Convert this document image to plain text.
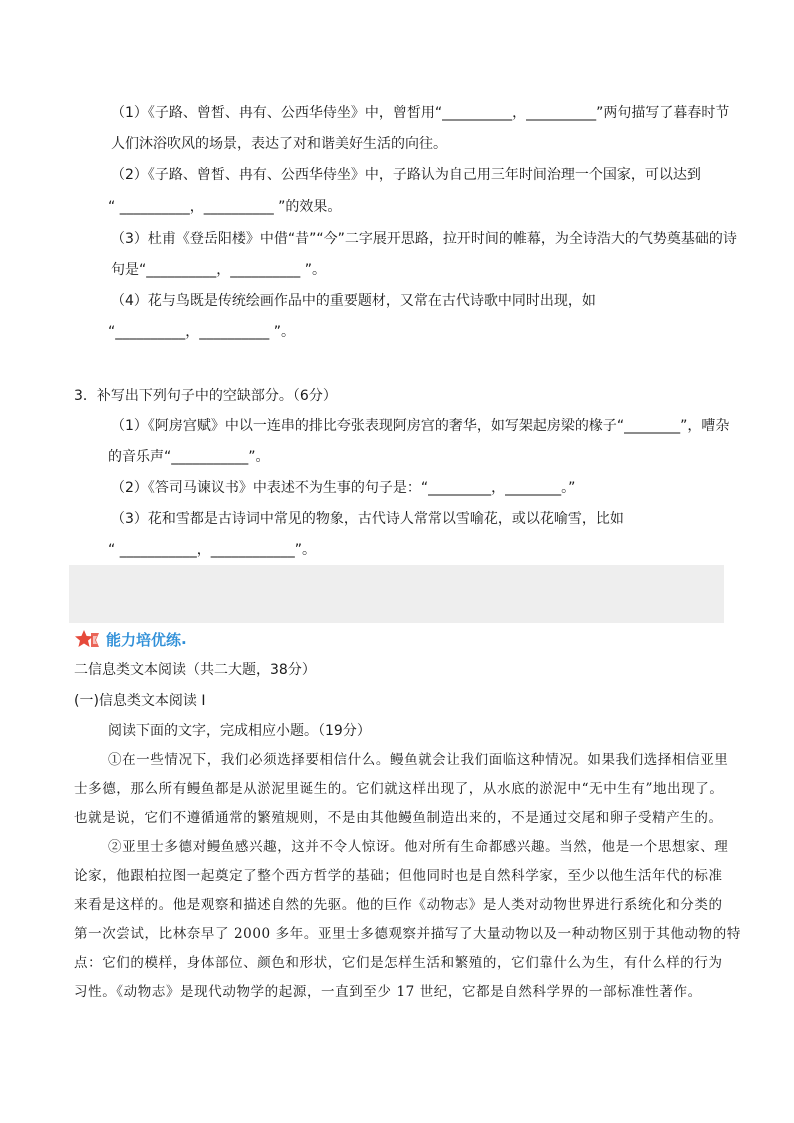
（1）《子路、曾皙、冉有、公西华侍坐》中，曾皙用“__________，__________”两句描写了暮春时节
人们沐浴吹风的场景，表达了对和谐美好生活的向往。
（2）《子路、曾皙、冉有、公西华侍坐》中，子路认为自己用三年时间治理一个国家，可以达到
“ __________，__________ ”的效果。
（3）杜甫《登岳阳楼》中借“昔”“今”二字展开思路，拉开时间的帷幕，为全诗浩大的气势奠基础的诗
句是“__________，__________ ”。
（4）花与鸟既是传统绘画作品中的重要题材，又常在古代诗歌中同时出现，如
“__________，__________ ”。
3．补写出下列句子中的空缺部分。（6分）
（1）《阿房宫赋》中以一连串的排比夸张表现阿房宫的奢华，如写架起房梁的椽子“________”，嘈杂
的音乐声“___________”。
（2）《答司马谏议书》中表述不为生事的句子是：“_________，________。”
（3）花和雪都是古诗词中常见的物象，古代诗人常常以雪喻花，或以花喻雪，比如
“ ___________，____________”。
能力培优练 .
二信息类文本阅读（共二大题，38分）
(一)信息类文本阅读 I
阅读下面的文字，完成相应小题。（19分）
①在一些情况下，我们必须选择要相信什么。鳗鱼就会让我们面临这种情况。如果我们选择相信亚里
士多德，那么所有鳗鱼都是从淤泥里诞生的。它们就这样出现了，从水底的淤泥中“无中生有”地出现了。
也就是说，它们不遵循通常的繁殖规则，不是由其他鳗鱼制造出来的，不是通过交尾和卵子受精产生的。
②亚里士多德对鳗鱼感兴趣，这并不令人惊讶。他对所有生命都感兴趣。当然，他是一个思想家、理
论家，他跟柏拉图一起奠定了整个西方哲学的基础；但他同时也是自然科学家，至少以他生活年代的标准
来看是这样的。他是观察和描述自然的先驱。他的巨作《动物志》是人类对动物世界进行系统化和分类的
第一次尝试，比林奈早了 2000 多年。亚里士多德观察并描写了大量动物以及一种动物区别于其他动物的特
点：它们的模样，身体部位、颜色和形状，它们是怎样生活和繁殖的，它们靠什么为生，有什么样的行为
习性。《动物志》是现代动物学的起源，一直到至少 17 世纪，它都是自然科学界的一部标准性著作。
